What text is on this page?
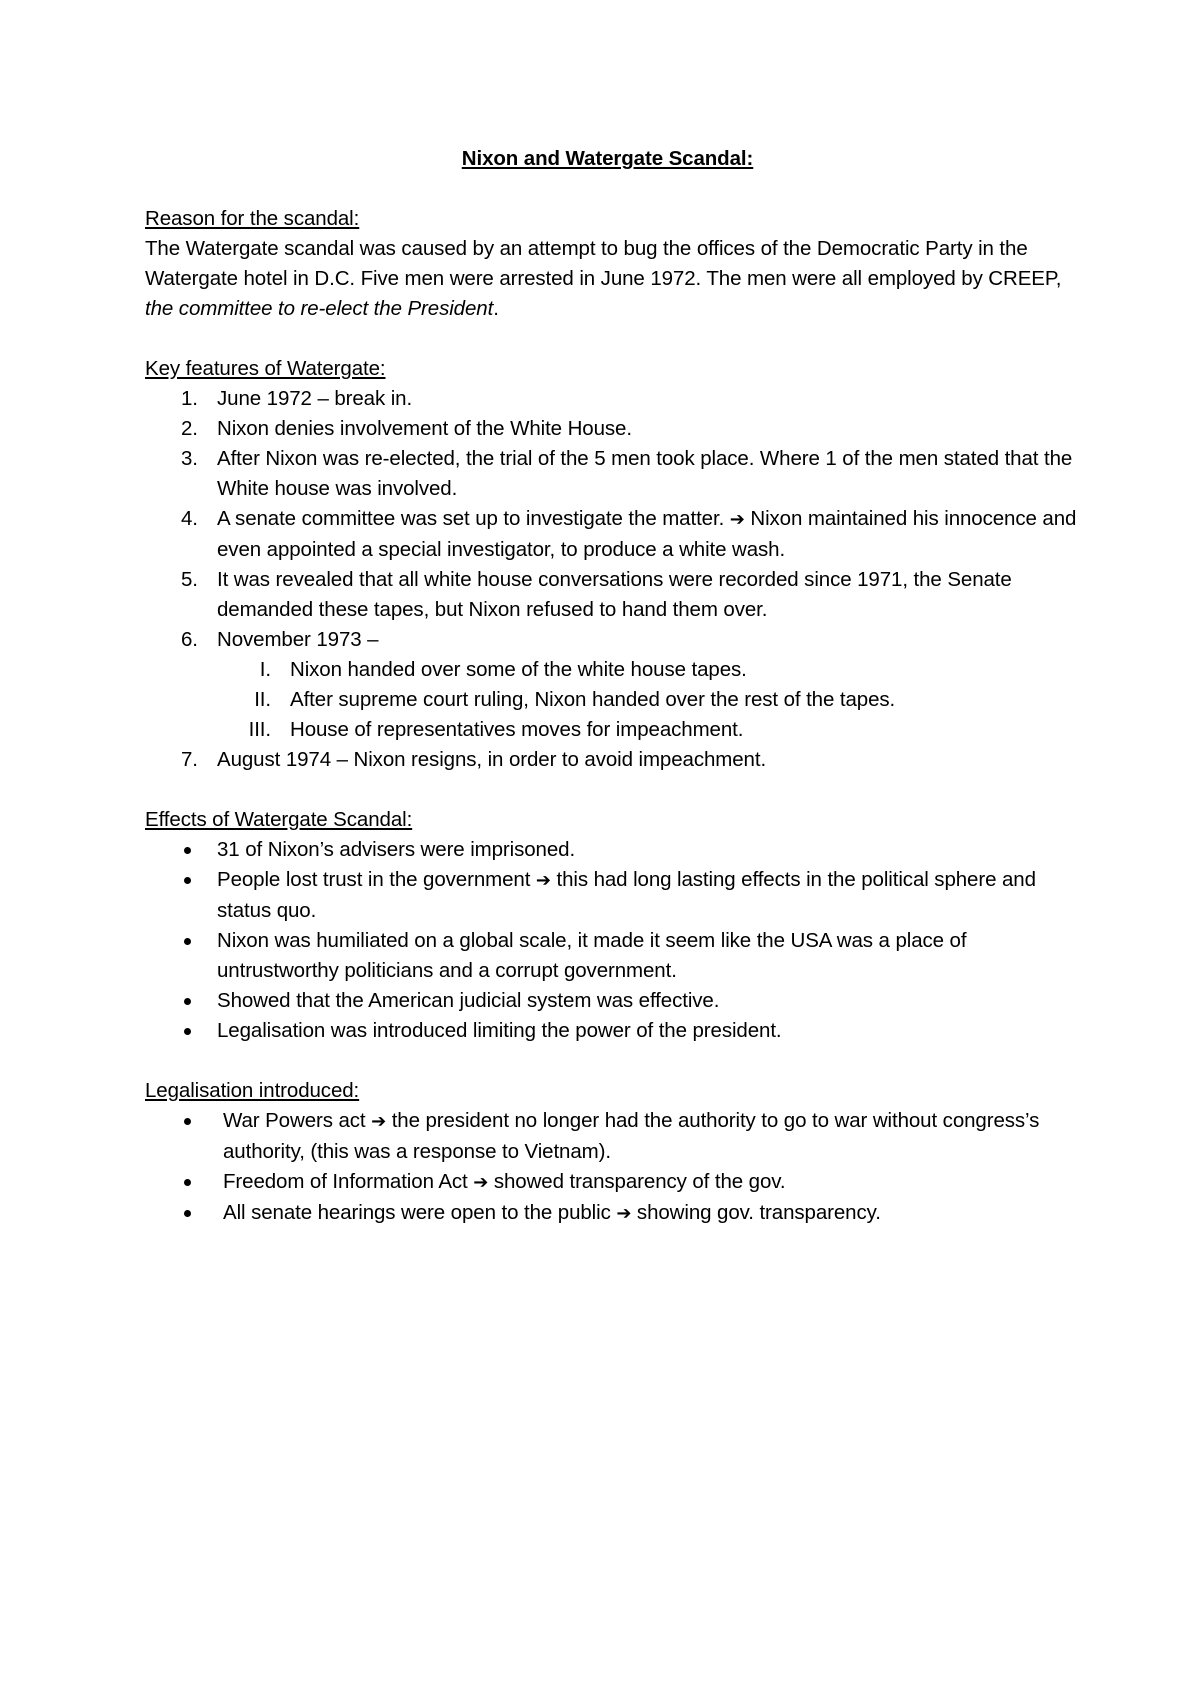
Nixon and Watergate Scandal:
Reason for the scandal:

The Watergate scandal was caused by an attempt to bug the offices of the Democratic Party in the Watergate hotel in D.C. Five men were arrested in June 1972. The men were all employed by CREEP, the committee to re-elect the President.

Key features of Watergate:
1. June 1972 – break in.
2. Nixon denies involvement of the White House.
3. After Nixon was re-elected, the trial of the 5 men took place. Where 1 of the men stated that the White house was involved.
4. A senate committee was set up to investigate the matter. ➔ Nixon maintained his innocence and even appointed a special investigator, to produce a white wash.
5. It was revealed that all white house conversations were recorded since 1971, the Senate demanded these tapes, but Nixon refused to hand them over.
6. November 1973 –
I. Nixon handed over some of the white house tapes.
II. After supreme court ruling, Nixon handed over the rest of the tapes.
III. House of representatives moves for impeachment.
7. August 1974 – Nixon resigns, in order to avoid impeachment.
Effects of Watergate Scandal:
31 of Nixon’s advisers were imprisoned.
People lost trust in the government ➔ this had long lasting effects in the political sphere and status quo.
Nixon was humiliated on a global scale, it made it seem like the USA was a place of untrustworthy politicians and a corrupt government.
Showed that the American judicial system was effective.
Legalisation was introduced limiting the power of the president.
Legalisation introduced:
War Powers act ➔ the president no longer had the authority to go to war without congress’s authority, (this was a response to Vietnam).
Freedom of Information Act ➔ showed transparency of the gov.
All senate hearings were open to the public ➔ showing gov. transparency.
